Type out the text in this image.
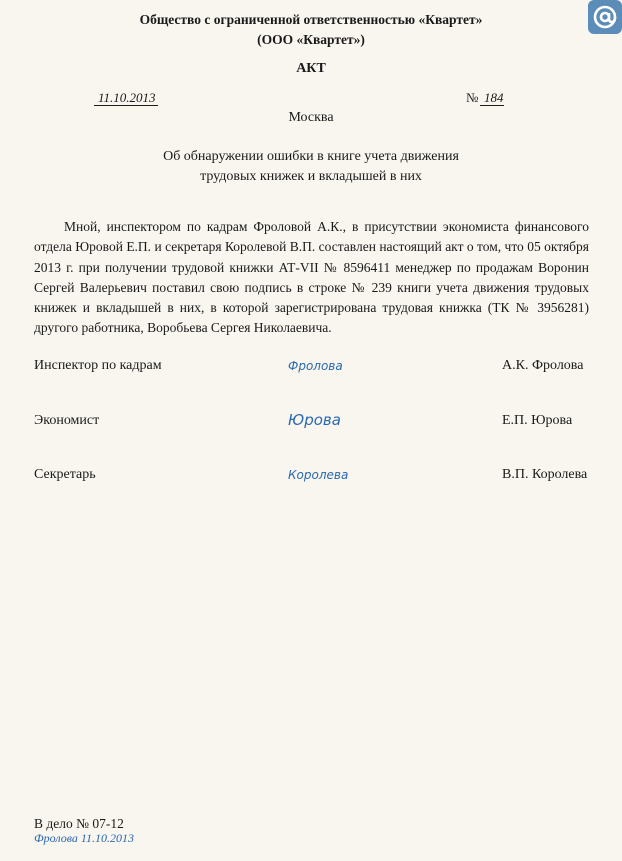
Общество с ограниченной ответственностью «Квартет»
(ООО «Квартет»)
АКТ
11.10.2013	№ 184
Москва
Об обнаружении ошибки в книге учета движения
трудовых книжек и вкладышей в них
Мной, инспектором по кадрам Фроловой А.К., в присутствии экономиста финансового отдела Юровой Е.П. и секретаря Королевой В.П. составлен настоящий акт о том, что 05 октября 2013 г. при получении трудовой книжки АТ-VII № 8596411 менеджер по продажам Воронин Сергей Валерьевич поставил свою подпись в строке № 239 книги учета движения трудовых книжек и вкладышей в них, в которой зарегистрирована трудовая книжка (ТК № 3956281) другого работника, Воробьева Сергея Николаевича.
Инспектор по кадрам	Фролова	А.К. Фролова
Экономист	Юрова	Е.П. Юрова
Секретарь	Королева	В.П. Королева
В дело № 07-12
Фролова 11.10.2013
